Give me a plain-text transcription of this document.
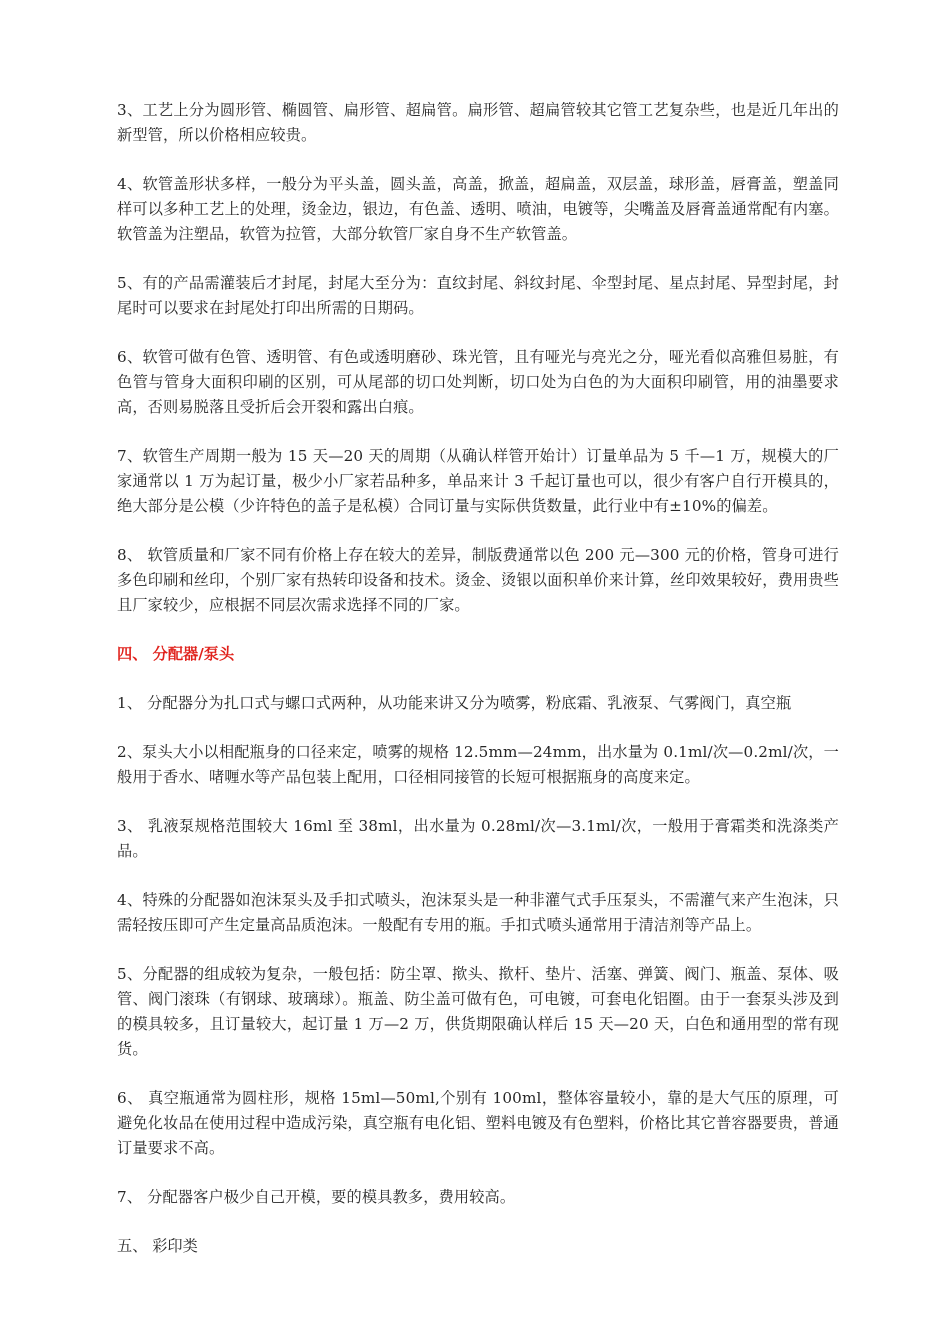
3、工艺上分为圆形管、椭圆管、扁形管、超扁管。扁形管、超扁管较其它管工艺复杂些，也是近几年出的新型管，所以价格相应较贵。

4、软管盖形状多样，一般分为平头盖，圆头盖，高盖，掀盖，超扁盖，双层盖，球形盖，唇膏盖，塑盖同样可以多种工艺上的处理，烫金边，银边，有色盖、透明、喷油，电镀等，尖嘴盖及唇膏盖通常配有内塞。软管盖为注塑品，软管为拉管，大部分软管厂家自身不生产软管盖。

5、有的产品需灌装后才封尾，封尾大至分为：直纹封尾、斜纹封尾、伞型封尾、星点封尾、异型封尾，封尾时可以要求在封尾处打印出所需的日期码。

6、软管可做有色管、透明管、有色或透明磨砂、珠光管，且有哑光与亮光之分，哑光看似高雅但易脏，有色管与管身大面积印刷的区别，可从尾部的切口处判断，切口处为白色的为大面积印刷管，用的油墨要求高，否则易脱落且受折后会开裂和露出白痕。

7、软管生产周期一般为 15 天—20 天的周期（从确认样管开始计）订量单品为 5 千—1 万，规模大的厂家通常以 1 万为起订量，极少小厂家若品种多，单品来计 3 千起订量也可以，很少有客户自行开模具的，绝大部分是公模（少许特色的盖子是私模）合同订量与实际供货数量，此行业中有±10%的偏差。

8、 软管质量和厂家不同有价格上存在较大的差异，制版费通常以色 200 元—300 元的价格，管身可进行多色印刷和丝印，个别厂家有热转印设备和技术。烫金、烫银以面积单价来计算，丝印效果较好，费用贵些且厂家较少，应根据不同层次需求选择不同的厂家。

四、 分配器/泵头

1、 分配器分为扎口式与螺口式两种，从功能来讲又分为喷雾，粉底霜、乳液泵、气雾阀门，真空瓶

2、泵头大小以相配瓶身的口径来定，喷雾的规格 12.5mm—24mm，出水量为 0.1ml/次—0.2ml/次，一般用于香水、啫喱水等产品包装上配用，口径相同接管的长短可根据瓶身的高度来定。

3、 乳液泵规格范围较大 16ml 至 38ml，出水量为 0.28ml/次—3.1ml/次，一般用于膏霜类和洗涤类产品。

4、特殊的分配器如泡沫泵头及手扣式喷头，泡沫泵头是一种非灌气式手压泵头，不需灌气来产生泡沫，只需轻按压即可产生定量高品质泡沫。一般配有专用的瓶。手扣式喷头通常用于清洁剂等产品上。

5、分配器的组成较为复杂，一般包括：防尘罩、揿头、揿杆、垫片、活塞、弹簧、阀门、瓶盖、泵体、吸管、阀门滚珠（有钢球、玻璃球）。瓶盖、防尘盖可做有色，可电镀，可套电化铝圈。由于一套泵头涉及到的模具较多，且订量较大，起订量 1 万—2 万，供货期限确认样后 15 天—20 天，白色和通用型的常有现货。

6、 真空瓶通常为圆柱形，规格 15ml—50ml,个别有 100ml，整体容量较小，靠的是大气压的原理，可避免化妆品在使用过程中造成污染，真空瓶有电化铝、塑料电镀及有色塑料，价格比其它普容器要贵，普通订量要求不高。

7、 分配器客户极少自己开模，要的模具教多，费用较高。

五、 彩印类
